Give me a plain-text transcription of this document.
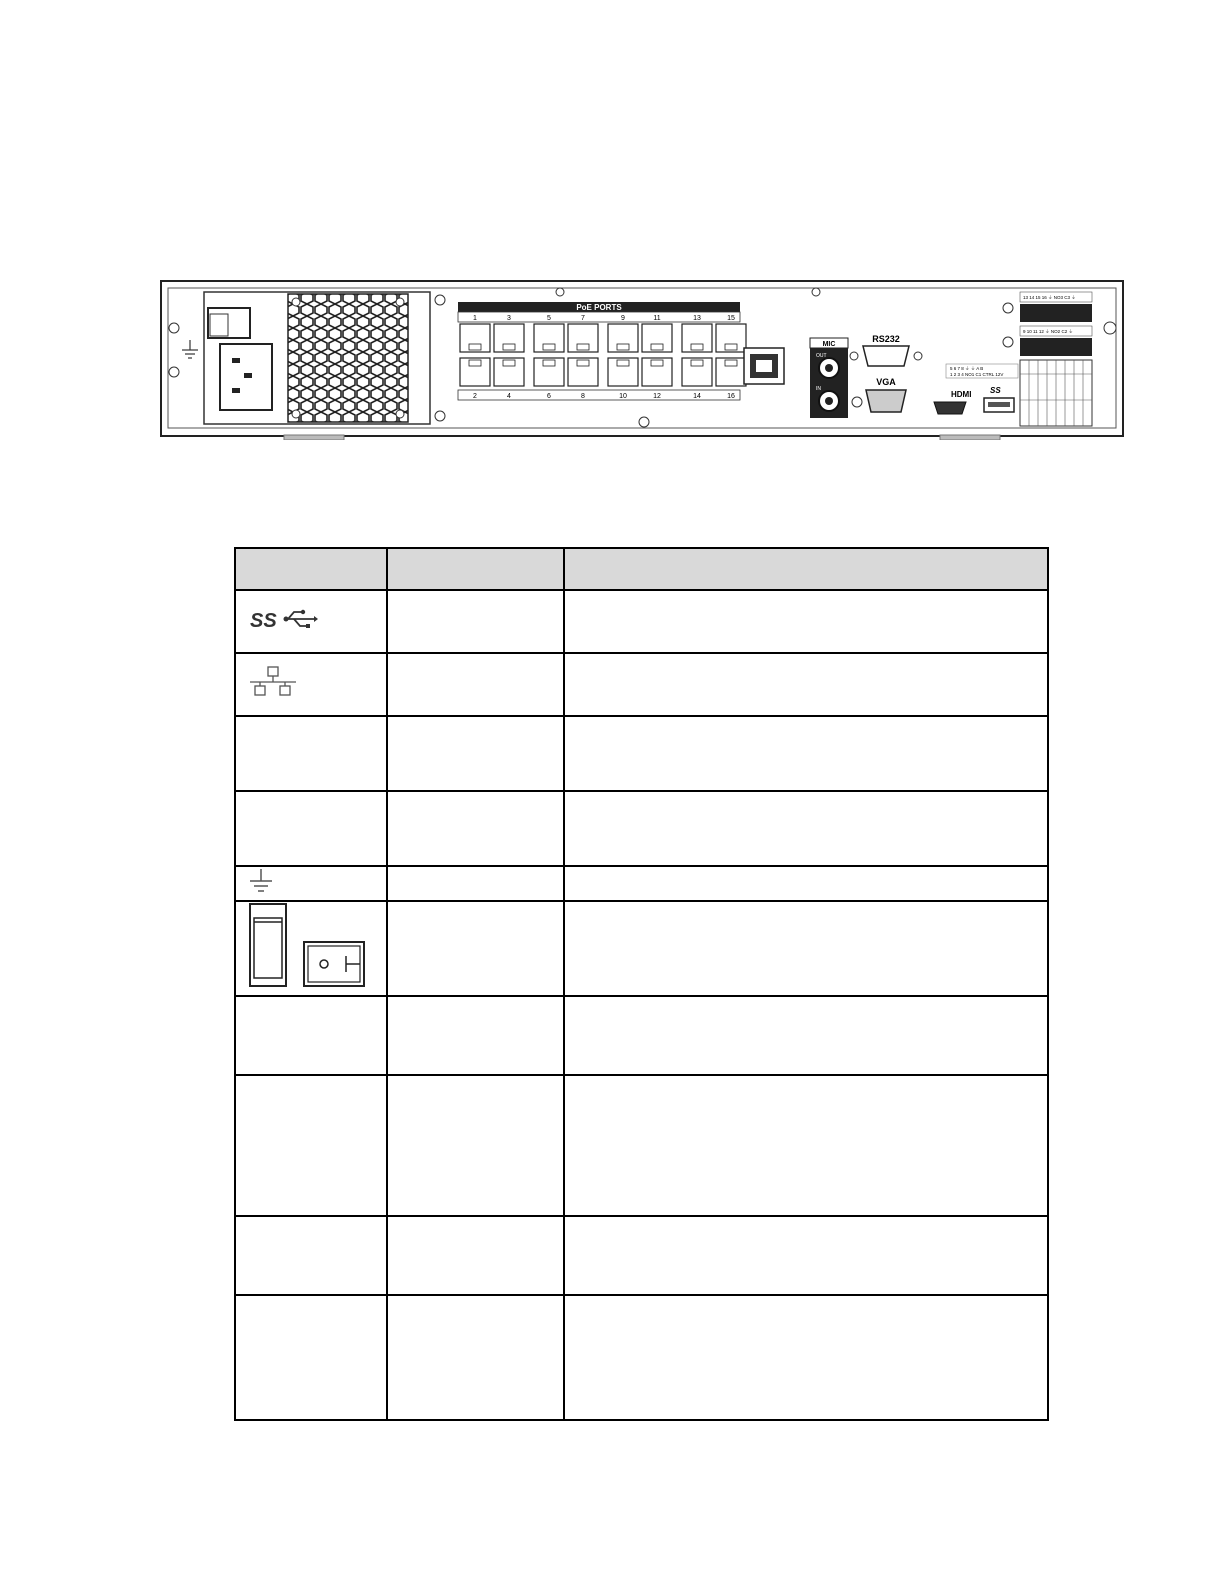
PoE PORTS
1	3	5	7	9	11	13	15
2	4	6	8	10	12	14	16
MIC
OUT
IN
RS232
VGA
HDMI SS
13 14 15 16 ⏚ NO3 C3 ⏚
9 10 11 12 ⏚ NO2 C2 ⏚
5 6 7 8 ⏚ ⏚ A B
1 2 3 4 NO1 C1 CTRL 12V

SS		
